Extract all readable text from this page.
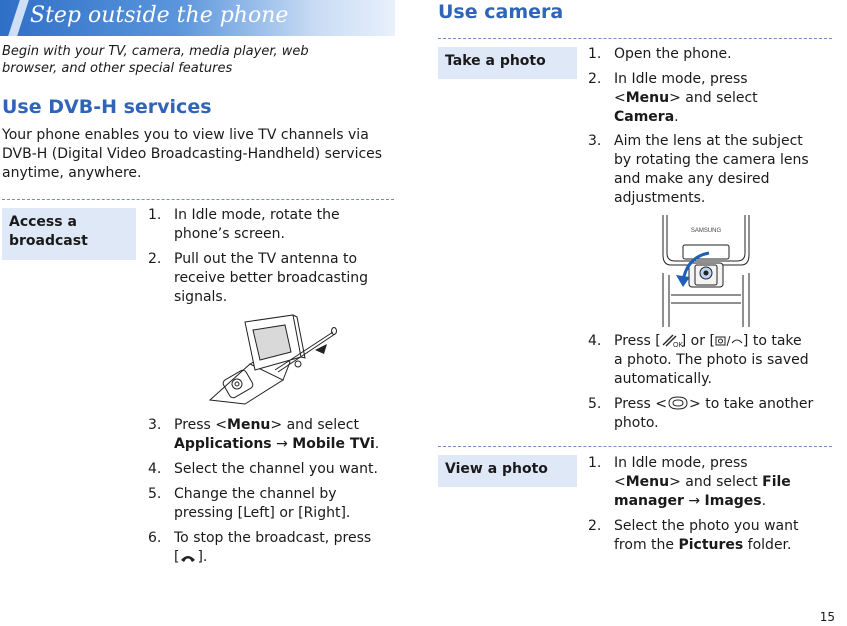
Step outside the phone
Begin with your TV, camera, media player, web browser, and other special features
Use DVB-H services
Your phone enables you to view live TV channels via DVB-H (Digital Video Broadcasting-Handheld) services anytime, anywhere.
Access a
broadcast
1. In Idle mode, rotate the
phone’s screen.
2. Pull out the TV antenna to
receive better broadcasting
signals.
3. Press <Menu> and select
Applications → Mobile TVi.
4. Select the channel you want.
5. Change the channel by
pressing [Left] or [Right].
6. To stop the broadcast, press
[ ].
Use camera
Take a photo	1. Open the phone.
2. In Idle mode, press
<Menu> and select
Camera.
3. Aim the lens at the subject
by rotating the camera lens
and make any desired
adjustments.
SAMSUNG
4. Press [ OK
] or [ ] to take
a photo. The photo is saved
automatically.
5. Press < > to take another
photo.
View a photo	1. In Idle mode, press
<Menu> and select File
manager → Images.
2. Select the photo you want
from the Pictures folder.
15
